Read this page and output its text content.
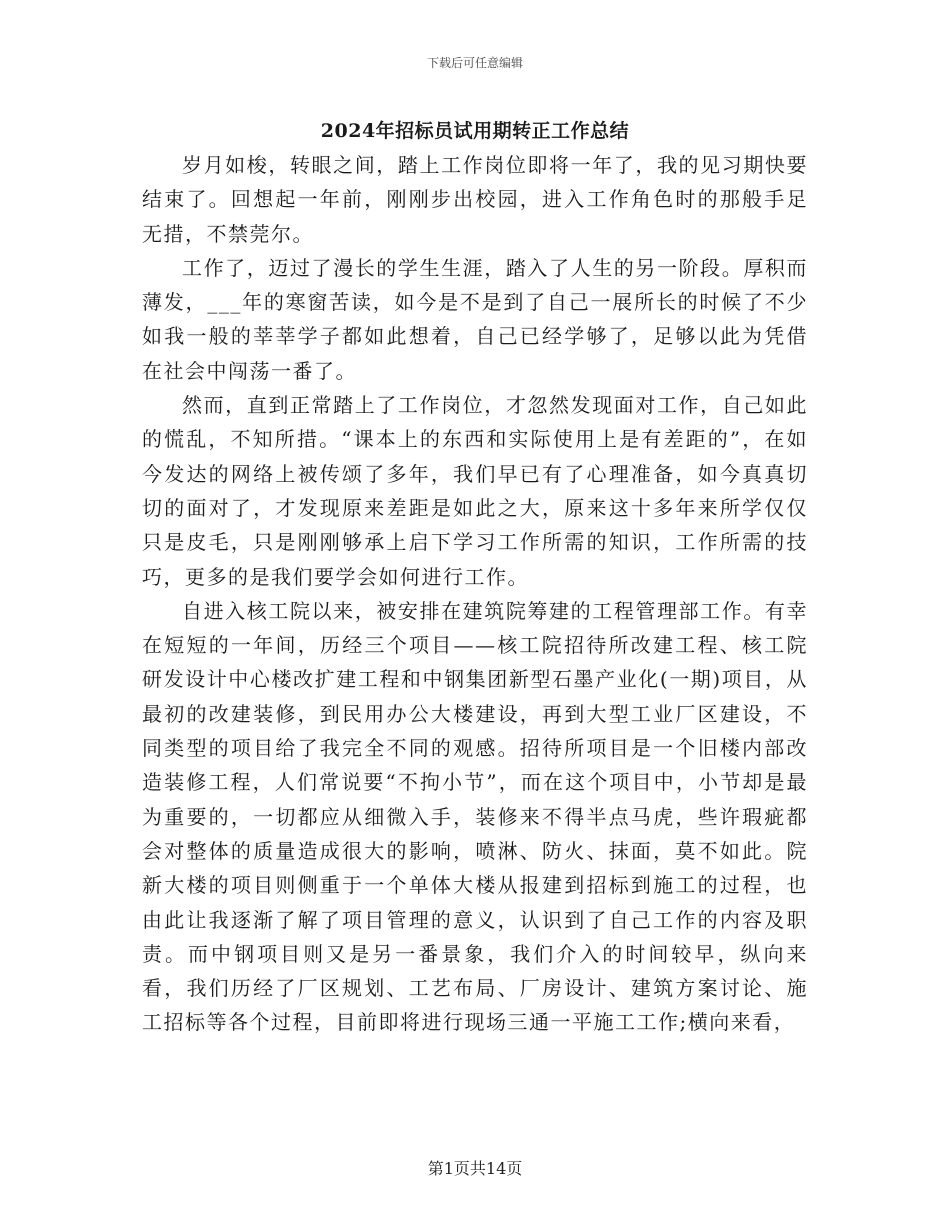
下载后可任意编辑
2024年招标员试用期转正工作总结

岁月如梭，转眼之间，踏上工作岗位即将一年了，我的见习期快要结束了。回想起一年前，刚刚步出校园，进入工作角色时的那般手足无措，不禁莞尔。

工作了，迈过了漫长的学生生涯，踏入了人生的另一阶段。厚积而薄发，___年的寒窗苦读，如今是不是到了自己一展所长的时候了不少如我一般的莘莘学子都如此想着，自己已经学够了，足够以此为凭借在社会中闯荡一番了。

然而，直到正常踏上了工作岗位，才忽然发现面对工作，自己如此的慌乱，不知所措。“课本上的东西和实际使用上是有差距的”，在如今发达的网络上被传颂了多年，我们早已有了心理准备，如今真真切切的面对了，才发现原来差距是如此之大，原来这十多年来所学仅仅只是皮毛，只是刚刚够承上启下学习工作所需的知识，工作所需的技巧，更多的是我们要学会如何进行工作。

自进入核工院以来，被安排在建筑院筹建的工程管理部工作。有幸在短短的一年间，历经三个项目——核工院招待所改建工程、核工院研发设计中心楼改扩建工程和中钢集团新型石墨产业化(一期)项目，从最初的改建装修，到民用办公大楼建设，再到大型工业厂区建设，不同类型的项目给了我完全不同的观感。招待所项目是一个旧楼内部改造装修工程，人们常说要“不拘小节”，而在这个项目中，小节却是最为重要的，一切都应从细微入手，装修来不得半点马虎，些许瑕疵都会对整体的质量造成很大的影响，喷淋、防火、抹面，莫不如此。院新大楼的项目则侧重于一个单体大楼从报建到招标到施工的过程，也由此让我逐渐了解了项目管理的意义，认识到了自己工作的内容及职责。而中钢项目则又是另一番景象，我们介入的时间较早，纵向来看，我们历经了厂区规划、工艺布局、厂房设计、建筑方案讨论、施工招标等各个过程，目前即将进行现场三通一平施工工作;横向来看，

第1页共14页
